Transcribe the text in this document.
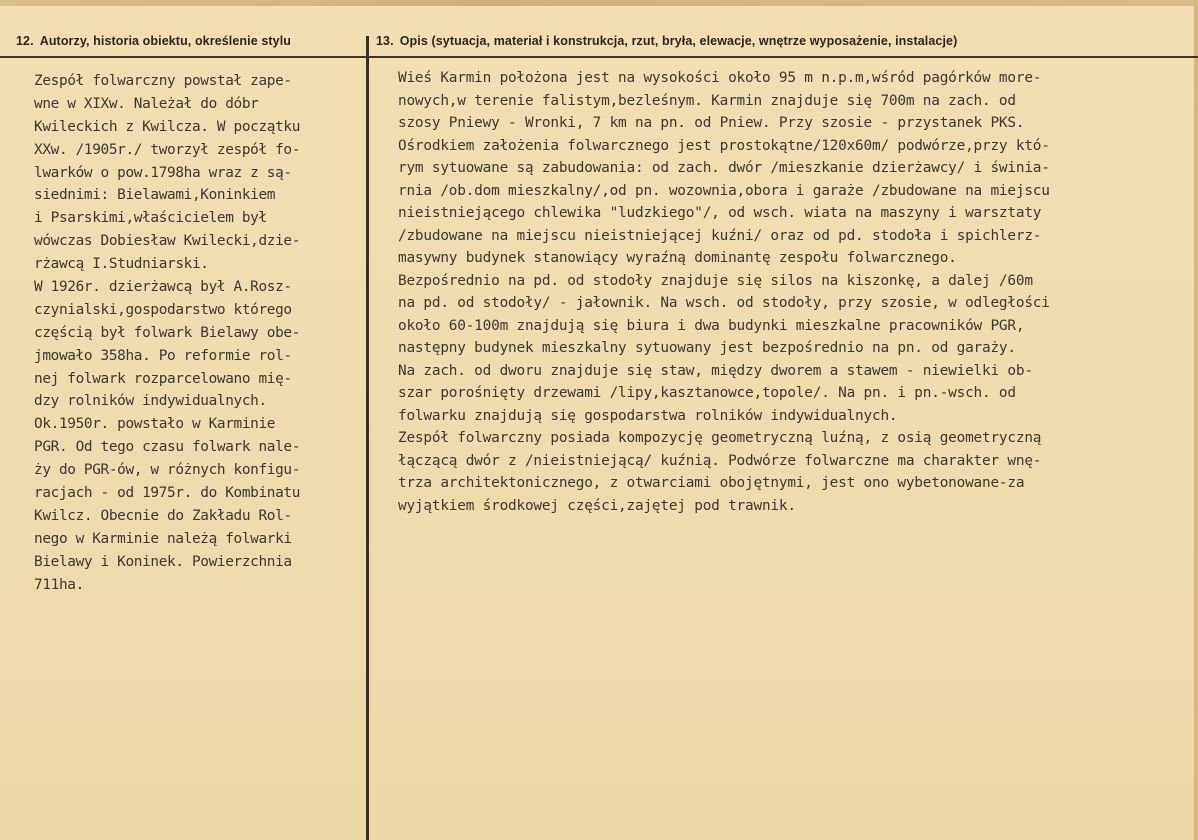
12. Autorzy, historia obiektu, określenie stylu	13. Opis (sytuacja, materiał i konstrukcja, rzut, bryła, elewacje, wnętrze wyposażenie, instalacje)
Zespół folwarczny powstał zape-
wne w XIXw. Należał do dóbr
Kwileckich z Kwilcza. W początku
XXw. /1905r./ tworzył zespół fo-
lwarków o pow.1798ha wraz z są-
siednimi: Bielawami,Koninkiem
i Psarskimi,właścicielem był
wówczas Dobiesław Kwilecki,dzie-
rżawcą I.Studniarski.
W 1926r. dzierżawcą był A.Rosz-
czynialski,gospodarstwo którego
częścią był folwark Bielawy obe-
jmowało 358ha. Po reformie rol-
nej folwark rozparcelowano mię-
dzy rolników indywidualnych.
Ok.1950r. powstało w Karminie
PGR. Od tego czasu folwark nale-
ży do PGR-ów, w różnych konfigu-
racjach - od 1975r. do Kombinatu
Kwilcz. Obecnie do Zakładu Rol-
nego w Karminie należą folwarki
Bielawy i Koninek. Powierzchnia
711ha.
Wieś Karmin położona jest na wysokości około 95 m n.p.m,wśród pagórków more-
nowych,w terenie falistym,bezleśnym. Karmin znajduje się 700m na zach. od
szosy Pniewy - Wronki, 7 km na pn. od Pniew. Przy szosie - przystanek PKS.
Ośrodkiem założenia folwarcznego jest prostokątne/120x60m/ podwórze,przy któ-
rym sytuowane są zabudowania: od zach. dwór /mieszkanie dzierżawcy/ i świnia-
rnia /ob.dom mieszkalny/,od pn. wozownia,obora i garaże /zbudowane na miejscu
nieistniejącego chlewika "ludzkiego"/, od wsch. wiata na maszyny i warsztaty
/zbudowane na miejscu nieistniejącej kuźni/ oraz od pd. stodoła i spichlerz-
masywny budynek stanowiący wyraźną dominantę zespołu folwarcznego.
Bezpośrednio na pd. od stodoły znajduje się silos na kiszonkę, a dalej /60m
na pd. od stodoły/ - jałownik. Na wsch. od stodoły, przy szosie, w odległości
około 60-100m znajdują się biura i dwa budynki mieszkalne pracowników PGR,
następny budynek mieszkalny sytuowany jest bezpośrednio na pn. od garaży.
Na zach. od dworu znajduje się staw, między dworem a stawem - niewielki ob-
szar porośnięty drzewami /lipy,kasztanowce,topole/. Na pn. i pn.-wsch. od
folwarku znajdują się gospodarstwa rolników indywidualnych.
Zespół folwarczny posiada kompozycję geometryczną luźną, z osią geometryczną
łączącą dwór z /nieistniejącą/ kuźnią. Podwórze folwarczne ma charakter wnę-
trza architektonicznego, z otwarciami obojętnymi, jest ono wybetonowane-za
wyjątkiem środkowej części,zajętej pod trawnik.
